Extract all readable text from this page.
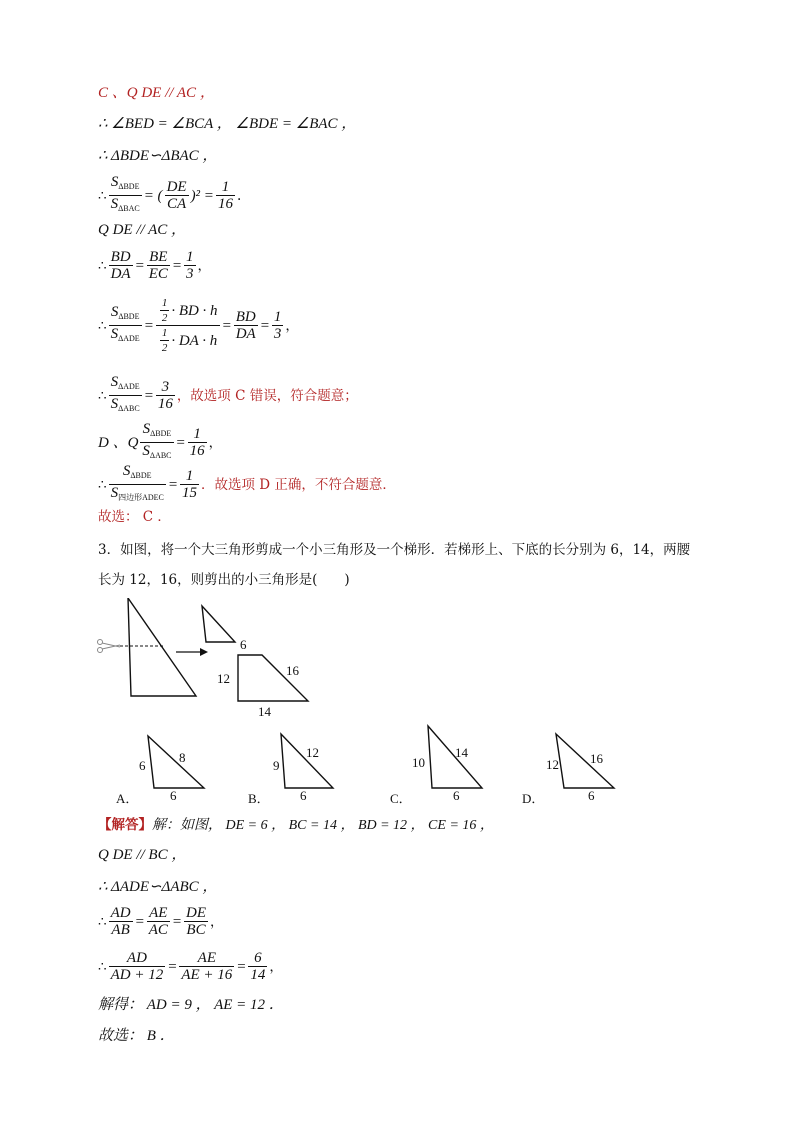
C 、Q DE // AC ，
∴ ∠BED = ∠BCA ， ∠BDE = ∠BAC ，
∴ ΔBDE∽ΔBAC ，
∴ $\frac{S_{\Delta BDE}}{S_{\Delta BAC}}$ = ( $\frac{DE}{CA} )^2 = \frac{1}{16}$ .
Q DE // AC ，
∴ $\frac{BD}{DA} = \frac{BE}{EC} = \frac{1}{3}$ ，
∴ $\frac{S_{\Delta BDE}}{S_{\Delta ADE}} = \frac{\frac{1}{2} \cdot BD \cdot h}{\frac{1}{2} \cdot DA \cdot h} = \frac{BD}{DA} = \frac{1}{3}$ ，
∴ $\frac{S_{\Delta ADE}}{S_{\Delta ABC}} = \frac{3}{16}$ ，故选项 C 错误，符合题意；
D 、Q $\frac{S_{\Delta BDE}}{S_{\Delta ABC}} = \frac{1}{16}$ ，
∴ $\frac{S_{\Delta BDE}}{S_{四边形ADEC}} = \frac{1}{15}$ ．故选项 D 正确，不符合题意．
故选： C ．
3．如图，将一个大三角形剪成一个小三角形及一个梯形．若梯形上、下底的长分别为 6，14，两腰
长为 12，16，则剪出的小三角形是(　　)
6
12
16
14
6
8
6
A．
9
12
6
B．
10
14
6
C．
12 16
6
D．
【解答】解：如图， DE = 6 ， BC = 14 ， BD = 12 ， CE = 16 ，
Q DE // BC ，
∴ ΔADE∽ΔABC ，
∴ $\frac{AD}{AB} = \frac{AE}{AC} = \frac{DE}{BC}$ ，
∴ $\frac{AD}{AD + 12} = \frac{AE}{AE + 16} = \frac{6}{14}$ ，
解得： AD = 9 ， AE = 12 ．
故选： B ．
